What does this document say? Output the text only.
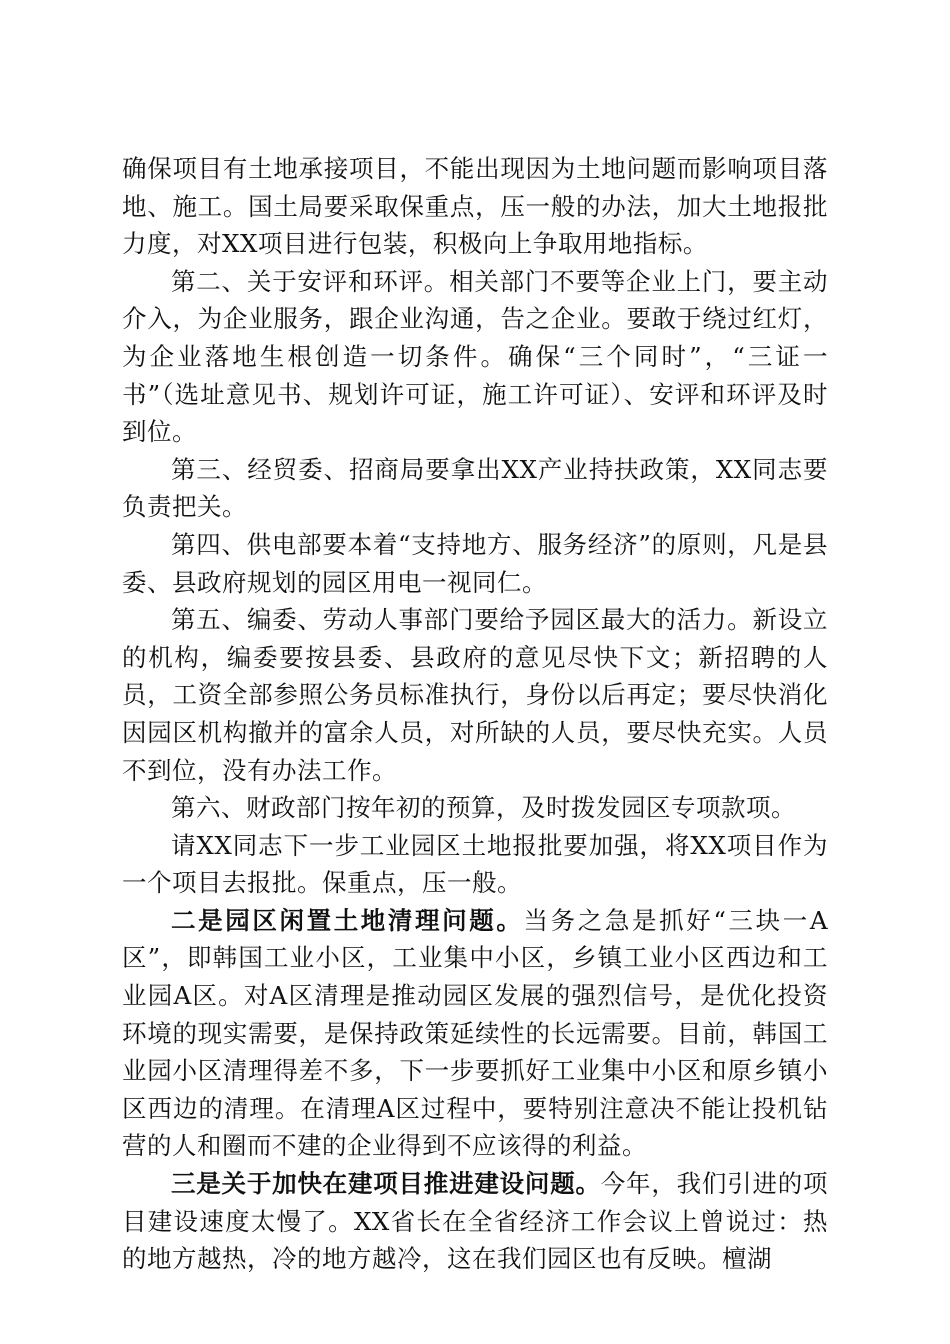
确保项目有土地承接项目，不能出现因为土地问题而影响项目落地、施工。国土局要采取保重点，压一般的办法，加大土地报批力度，对XX项目进行包装，积极向上争取用地指标。

第二、关于安评和环评。相关部门不要等企业上门，要主动介入，为企业服务，跟企业沟通，告之企业。要敢于绕过红灯，为企业落地生根创造一切条件。确保“三个同时”，“三证一书”（选址意见书、规划许可证，施工许可证）、安评和环评及时到位。

第三、经贸委、招商局要拿出XX产业持扶政策，XX同志要负责把关。

第四、供电部要本着“支持地方、服务经济”的原则，凡是县委、县政府规划的园区用电一视同仁。

第五、编委、劳动人事部门要给予园区最大的活力。新设立的机构，编委要按县委、县政府的意见尽快下文；新招聘的人员，工资全部参照公务员标准执行，身份以后再定；要尽快消化因园区机构撤并的富余人员，对所缺的人员，要尽快充实。人员不到位，没有办法工作。

第六、财政部门按年初的预算，及时拨发园区专项款项。

请XX同志下一步工业园区土地报批要加强，将XX项目作为一个项目去报批。保重点，压一般。

二是园区闲置土地清理问题。当务之急是抓好“三块一A区”，即韩国工业小区，工业集中小区，乡镇工业小区西边和工业园A区。对A区清理是推动园区发展的强烈信号，是优化投资环境的现实需要，是保持政策延续性的长远需要。目前，韩国工业园小区清理得差不多，下一步要抓好工业集中小区和原乡镇小区西边的清理。在清理A区过程中，要特别注意决不能让投机钻营的人和圈而不建的企业得到不应该得的利益。

三是关于加快在建项目推进建设问题。今年，我们引进的项目建设速度太慢了。XX省长在全省经济工作会议上曾说过：热的地方越热，冷的地方越冷，这在我们园区也有反映。檀湖
